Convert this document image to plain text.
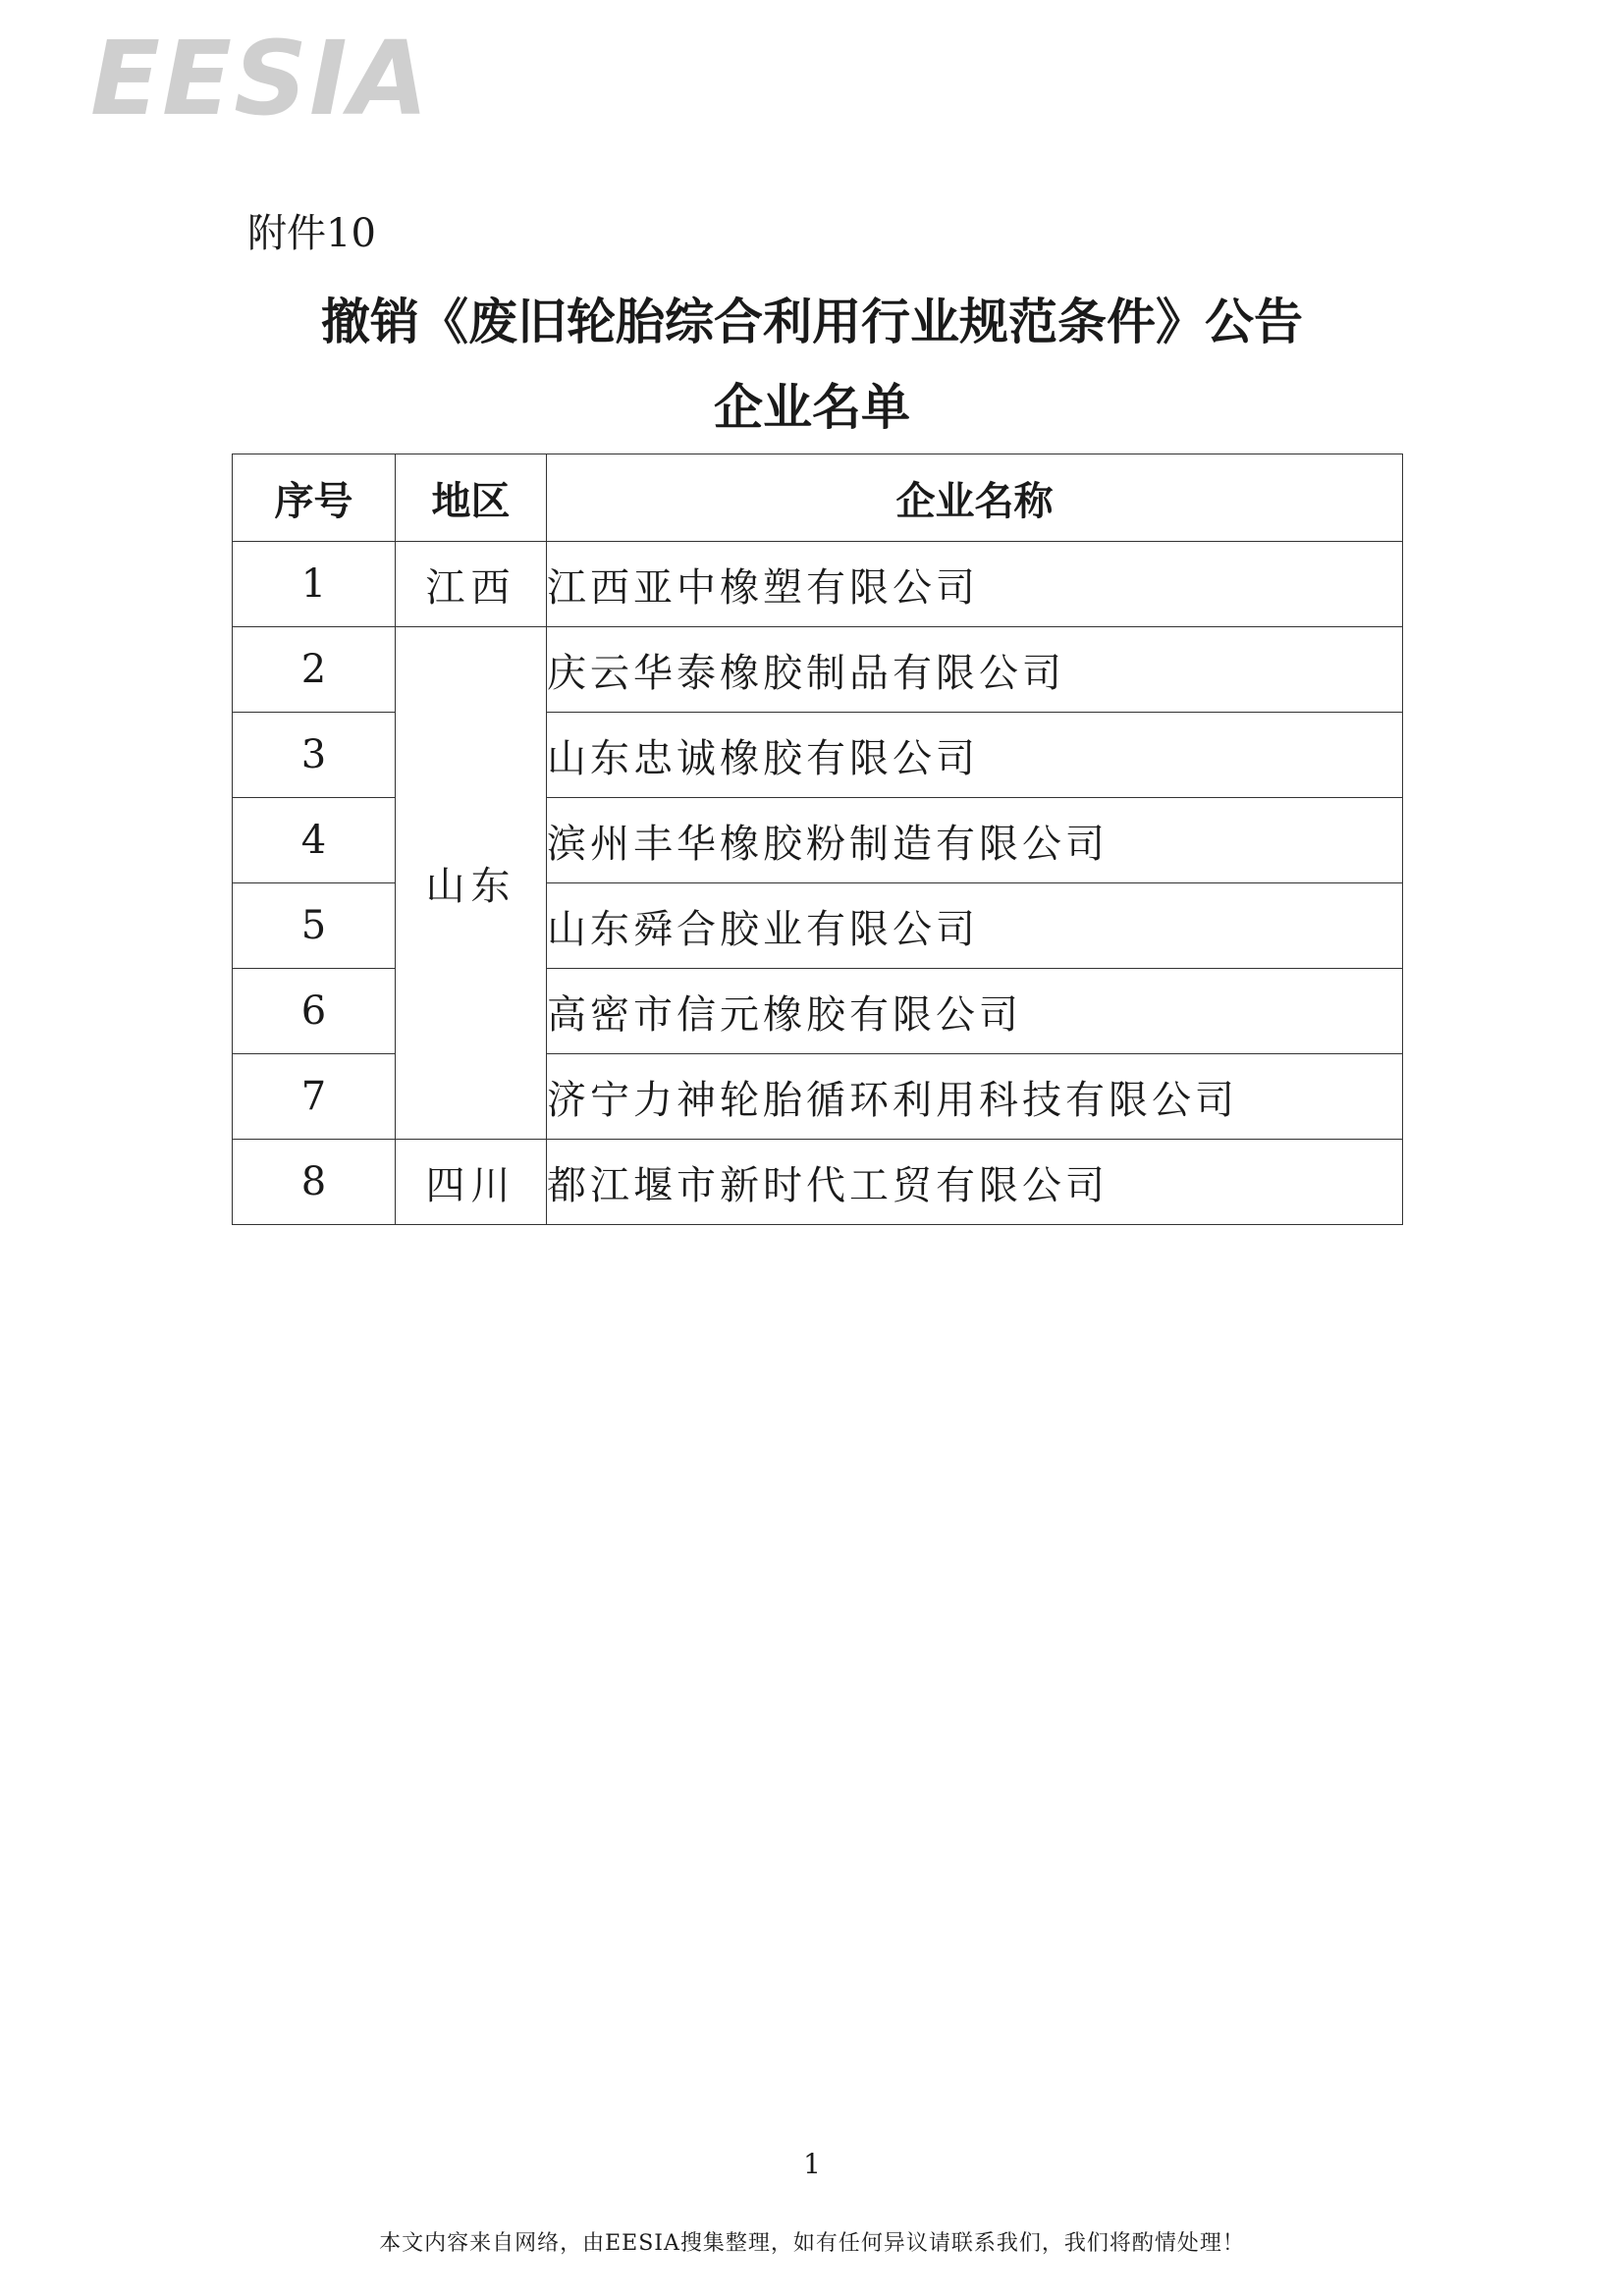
EESIA
附件10
撤销《废旧轮胎综合利用行业规范条件》公告
企业名单
序号	地区	企业名称
1	江西	江西亚中橡塑有限公司
2	山东	庆云华泰橡胶制品有限公司
3		山东忠诚橡胶有限公司
4		滨州丰华橡胶粉制造有限公司
5		山东舜合胶业有限公司
6		高密市信元橡胶有限公司
7		济宁力神轮胎循环利用科技有限公司
8	四川	都江堰市新时代工贸有限公司
1
本文内容来自网络，由EESIA搜集整理，如有任何异议请联系我们，我们将酌情处理！
